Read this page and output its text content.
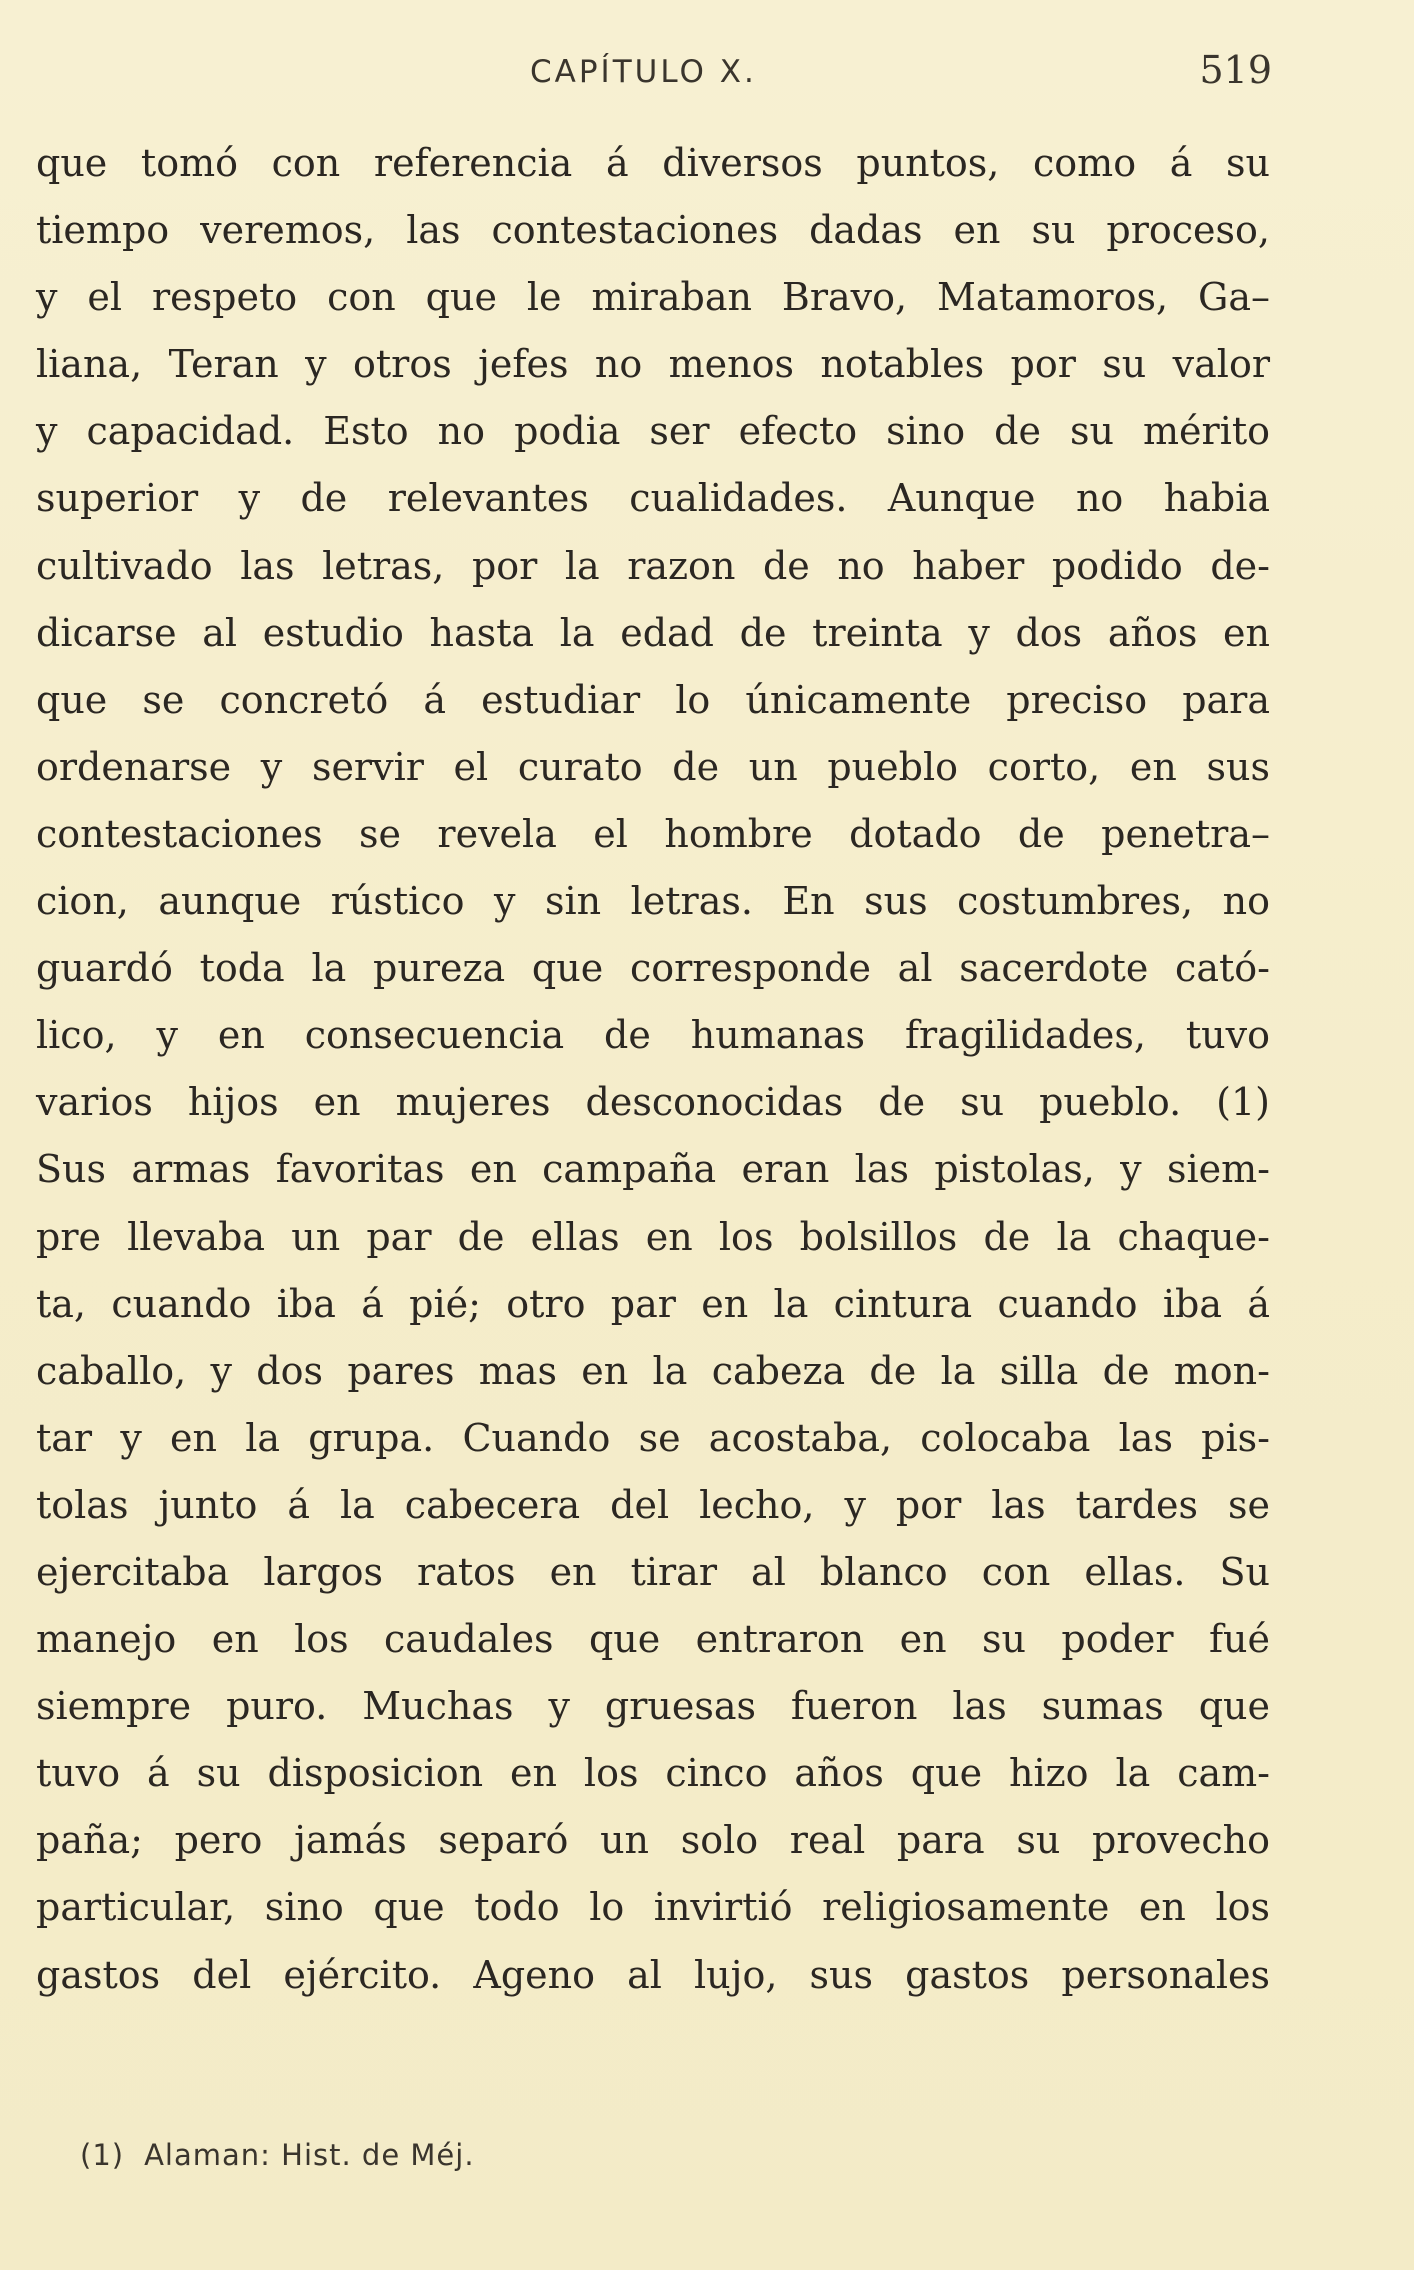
CAPÍTULO X.	519
que tomó con referencia á diversos puntos, como á su
tiempo veremos, las contestaciones dadas en su proceso,
y el respeto con que le miraban Bravo, Matamoros, Ga–
liana, Teran y otros jefes no menos notables por su valor
y capacidad. Esto no podia ser efecto sino de su mérito
superior y de relevantes cualidades. Aunque no habia
cultivado las letras, por la razon de no haber podido de-
dicarse al estudio hasta la edad de treinta y dos años en
que se concretó á estudiar lo únicamente preciso para
ordenarse y servir el curato de un pueblo corto, en sus
contestaciones se revela el hombre dotado de penetra–
cion, aunque rústico y sin letras. En sus costumbres, no
guardó toda la pureza que corresponde al sacerdote cató-
lico, y en consecuencia de humanas fragilidades, tuvo
varios hijos en mujeres desconocidas de su pueblo. (1)
Sus armas favoritas en campaña eran las pistolas, y siem-
pre llevaba un par de ellas en los bolsillos de la chaque-
ta, cuando iba á pié; otro par en la cintura cuando iba á
caballo, y dos pares mas en la cabeza de la silla de mon-
tar y en la grupa. Cuando se acostaba, colocaba las pis-
tolas junto á la cabecera del lecho, y por las tardes se
ejercitaba largos ratos en tirar al blanco con ellas. Su
manejo en los caudales que entraron en su poder fué
siempre puro. Muchas y gruesas fueron las sumas que
tuvo á su disposicion en los cinco años que hizo la cam-
paña; pero jamás separó un solo real para su provecho
particular, sino que todo lo invirtió religiosamente en los
gastos del ejército. Ageno al lujo, sus gastos personales
(1) Alaman: Hist. de Méj.
